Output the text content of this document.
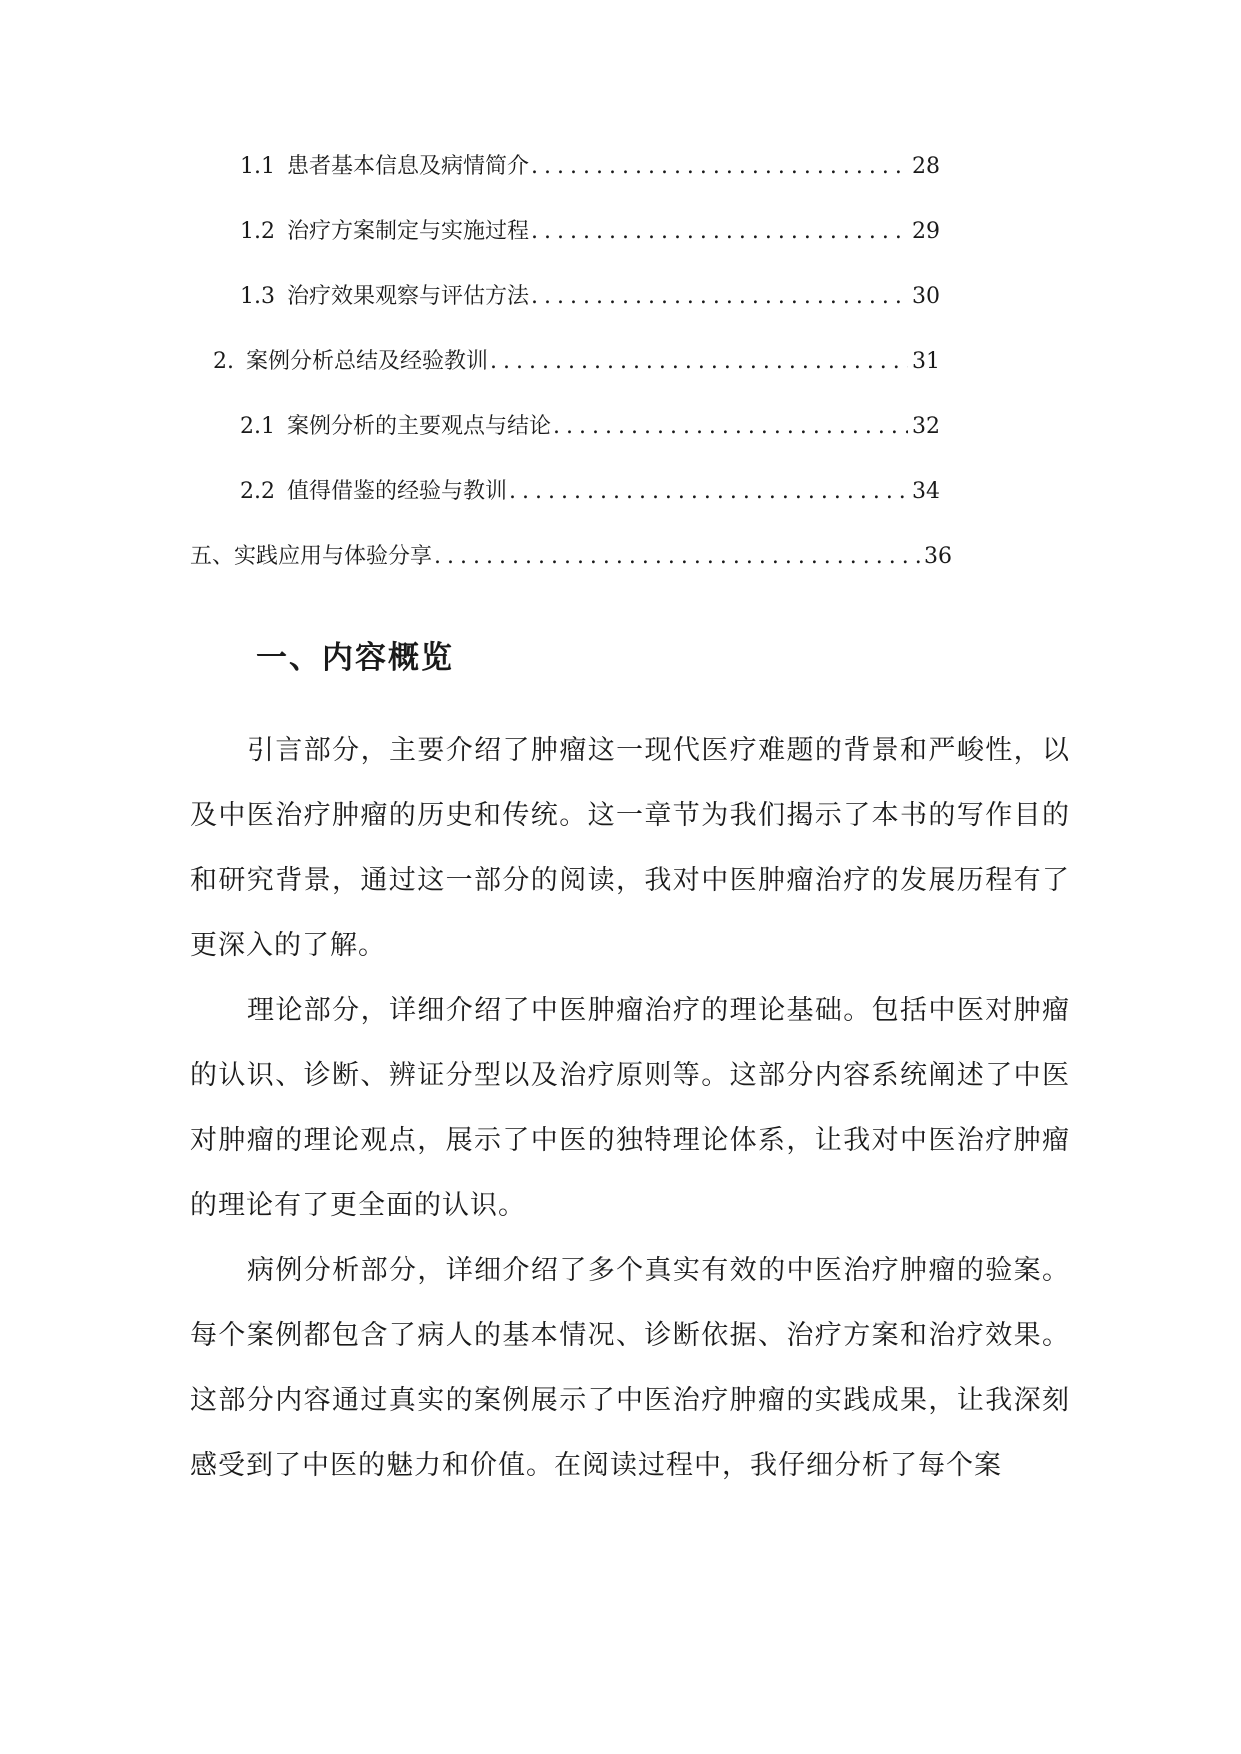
1.1 患者基本信息及病情简介 .....	28
1.2 治疗方案制定与实施过程 .....	29
1.3 治疗效果观察与评估方法 .....	30
2. 案例分析总结及经验教训 .....	31
2.1 案例分析的主要观点与结论 .....	32
2.2 值得借鉴的经验与教训 .....	34
五、实践应用与体验分享 .....	36
一、内容概览

引言部分，主要介绍了肿瘤这一现代医疗难题的背景和严峻性，以及中医治疗肿瘤的历史和传统。这一章节为我们揭示了本书的写作目的和研究背景，通过这一部分的阅读，我对中医肿瘤治疗的发展历程有了更深入的了解。

理论部分，详细介绍了中医肿瘤治疗的理论基础。包括中医对肿瘤的认识、诊断、辨证分型以及治疗原则等。这部分内容系统阐述了中医对肿瘤的理论观点，展示了中医的独特理论体系，让我对中医治疗肿瘤的理论有了更全面的认识。

病例分析部分，详细介绍了多个真实有效的中医治疗肿瘤的验案。每个案例都包含了病人的基本情况、诊断依据、治疗方案和治疗效果。这部分内容通过真实的案例展示了中医治疗肿瘤的实践成果，让我深刻感受到了中医的魅力和价值。在阅读过程中，我仔细分析了每个案
